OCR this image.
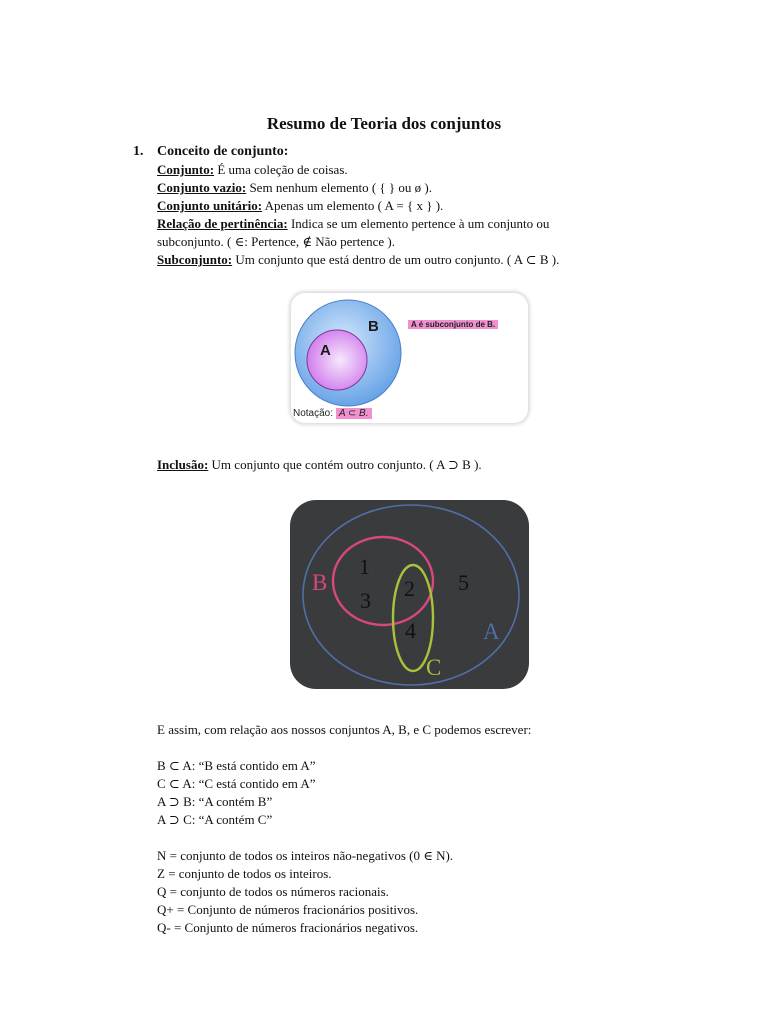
Resumo de Teoria dos conjuntos
1. Conceito de conjunto:
Conjunto: É uma coleção de coisas.
Conjunto vazio: Sem nenhum elemento ( { } ou ø ).
Conjunto unitário: Apenas um elemento ( A = { x } ).
Relação de pertinência: Indica se um elemento pertence à um conjunto ou
subconjunto. ( ∈: Pertence, ∉ Não pertence ).
Subconjunto: Um conjunto que está dentro de um outro conjunto. ( A ⊂ B ).
B
A
A é subconjunto de B.
Notação: A ⊂ B.
Inclusão: Um conjunto que contém outro conjunto. ( A ⊃ B ).
1
3 2
4
5
B
A
C
E assim, com relação aos nossos conjuntos A, B, e C podemos escrever:
B ⊂ A: “B está contido em A”
C ⊂ A: “C está contido em A”
A ⊃ B: “A contém B”
A ⊃ C: “A contém C”
N = conjunto de todos os inteiros não-negativos (0 ∈ N).
Z = conjunto de todos os inteiros.
Q = conjunto de todos os números racionais.
Q+ = Conjunto de números fracionários positivos.
Q- = Conjunto de números fracionários negativos.
